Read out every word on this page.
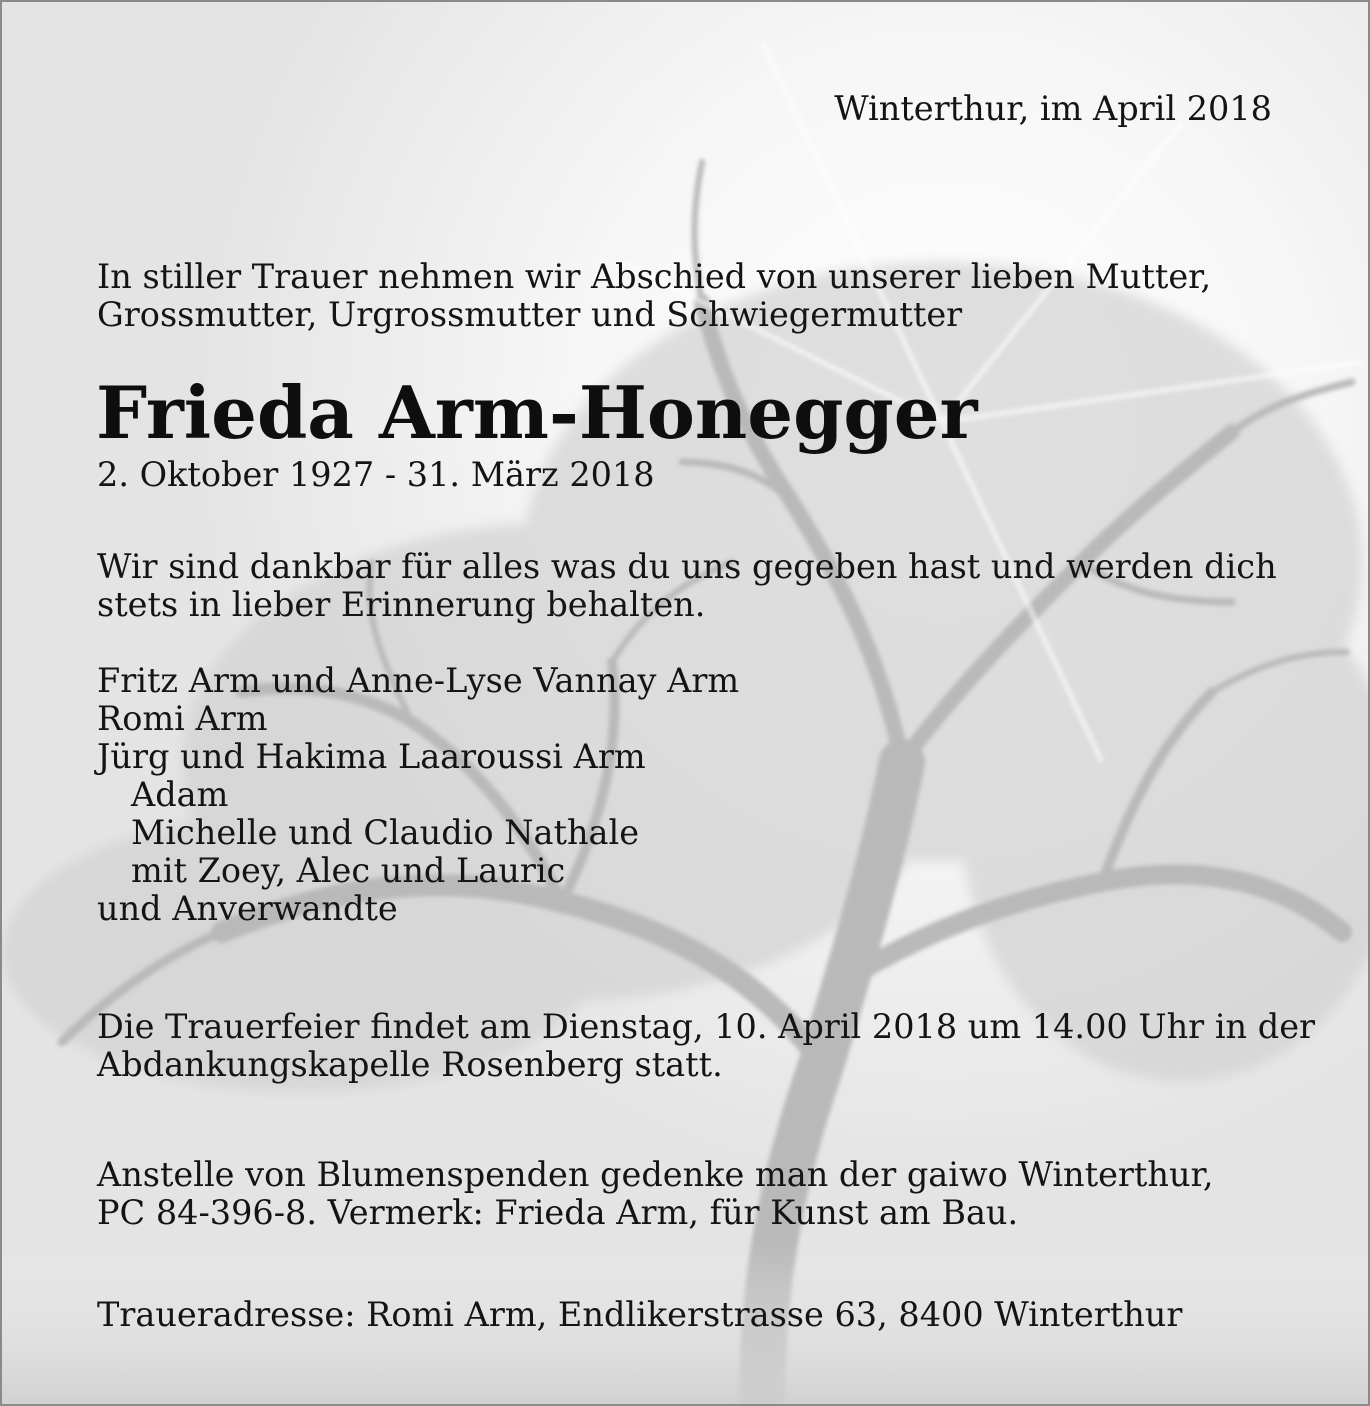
Winterthur, im April 2018
In stiller Trauer nehmen wir Abschied von unserer lieben Mutter,
Grossmutter, Urgrossmutter und Schwiegermutter
Frieda Arm-Honegger
2. Oktober 1927 - 31. März 2018
Wir sind dankbar für alles was du uns gegeben hast und werden dich
stets in lieber Erinnerung behalten.
Fritz Arm und Anne-Lyse Vannay Arm
Romi Arm
Jürg und Hakima Laaroussi Arm
Adam
Michelle und Claudio Nathale
mit Zoey, Alec und Lauric
und Anverwandte
Die Trauerfeier findet am Dienstag, 10. April 2018 um 14.00 Uhr in der
Abdankungskapelle Rosenberg statt.
Anstelle von Blumenspenden gedenke man der gaiwo Winterthur,
PC 84-396-8. Vermerk: Frieda Arm, für Kunst am Bau.
Traueradresse: Romi Arm, Endlikerstrasse 63, 8400 Winterthur
